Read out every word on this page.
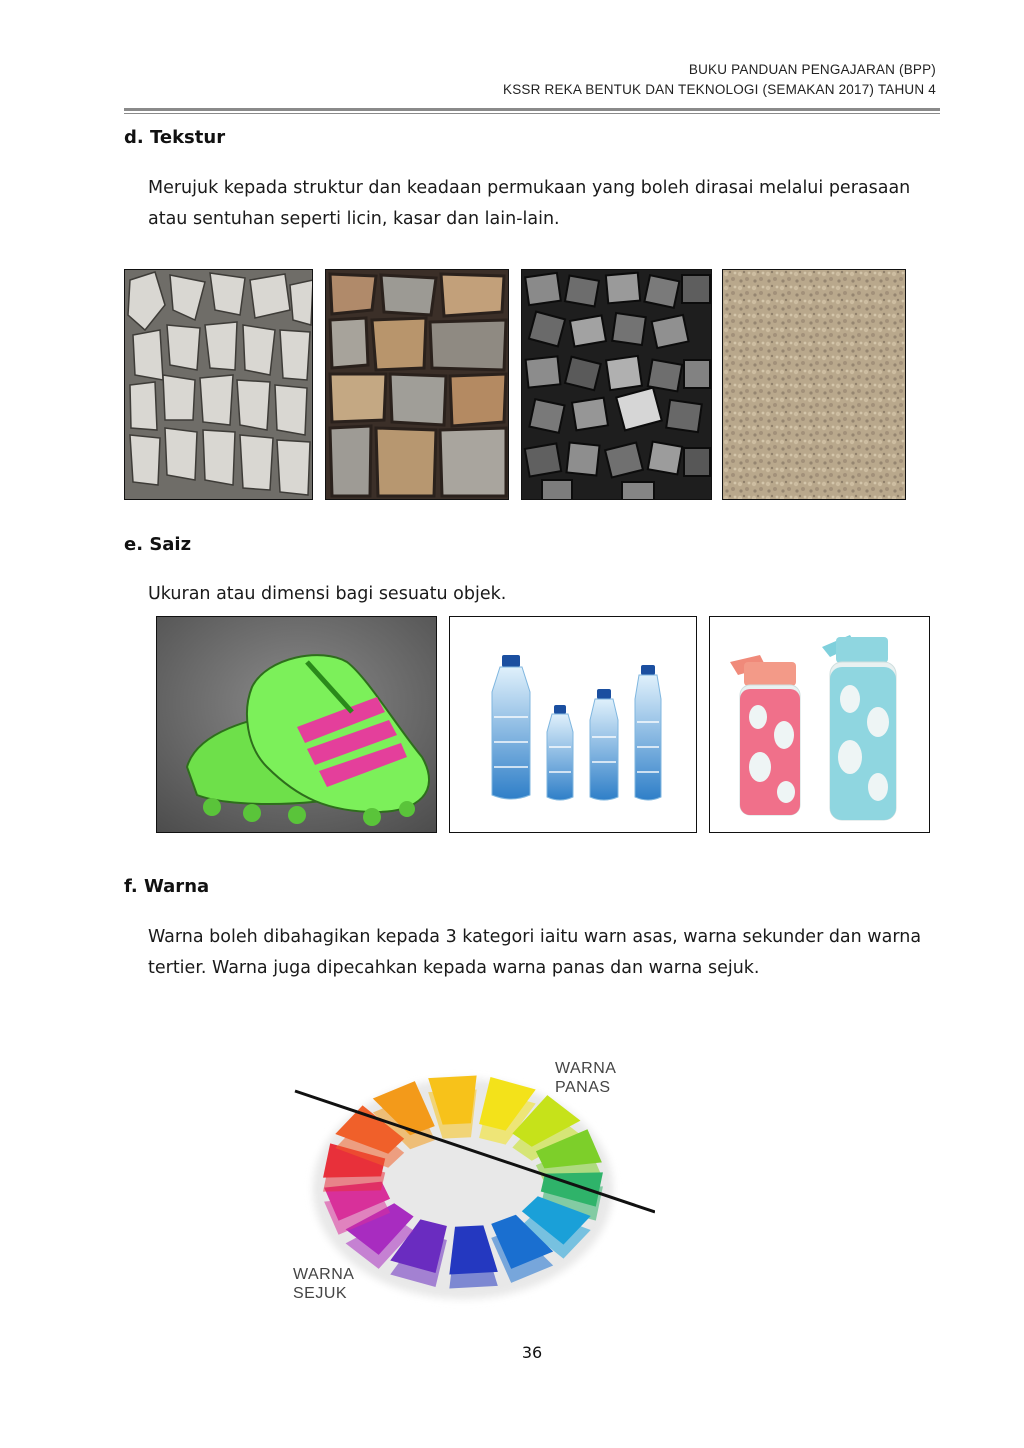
BUKU PANDUAN PENGAJARAN (BPP)
KSSR REKA BENTUK DAN TEKNOLOGI (SEMAKAN 2017) TAHUN 4
d. Tekstur
Merujuk kepada struktur dan keadaan permukaan yang boleh dirasai melalui perasaan atau sentuhan seperti licin, kasar dan lain-lain.
e. Saiz
Ukuran atau dimensi bagi sesuatu objek.
f. Warna
Warna boleh dibahagikan kepada 3 kategori iaitu warn asas, warna sekunder dan warna tertier. Warna juga dipecahkan kepada warna panas dan warna sejuk.
WARNA
PANAS
WARNA
SEJUK
36
